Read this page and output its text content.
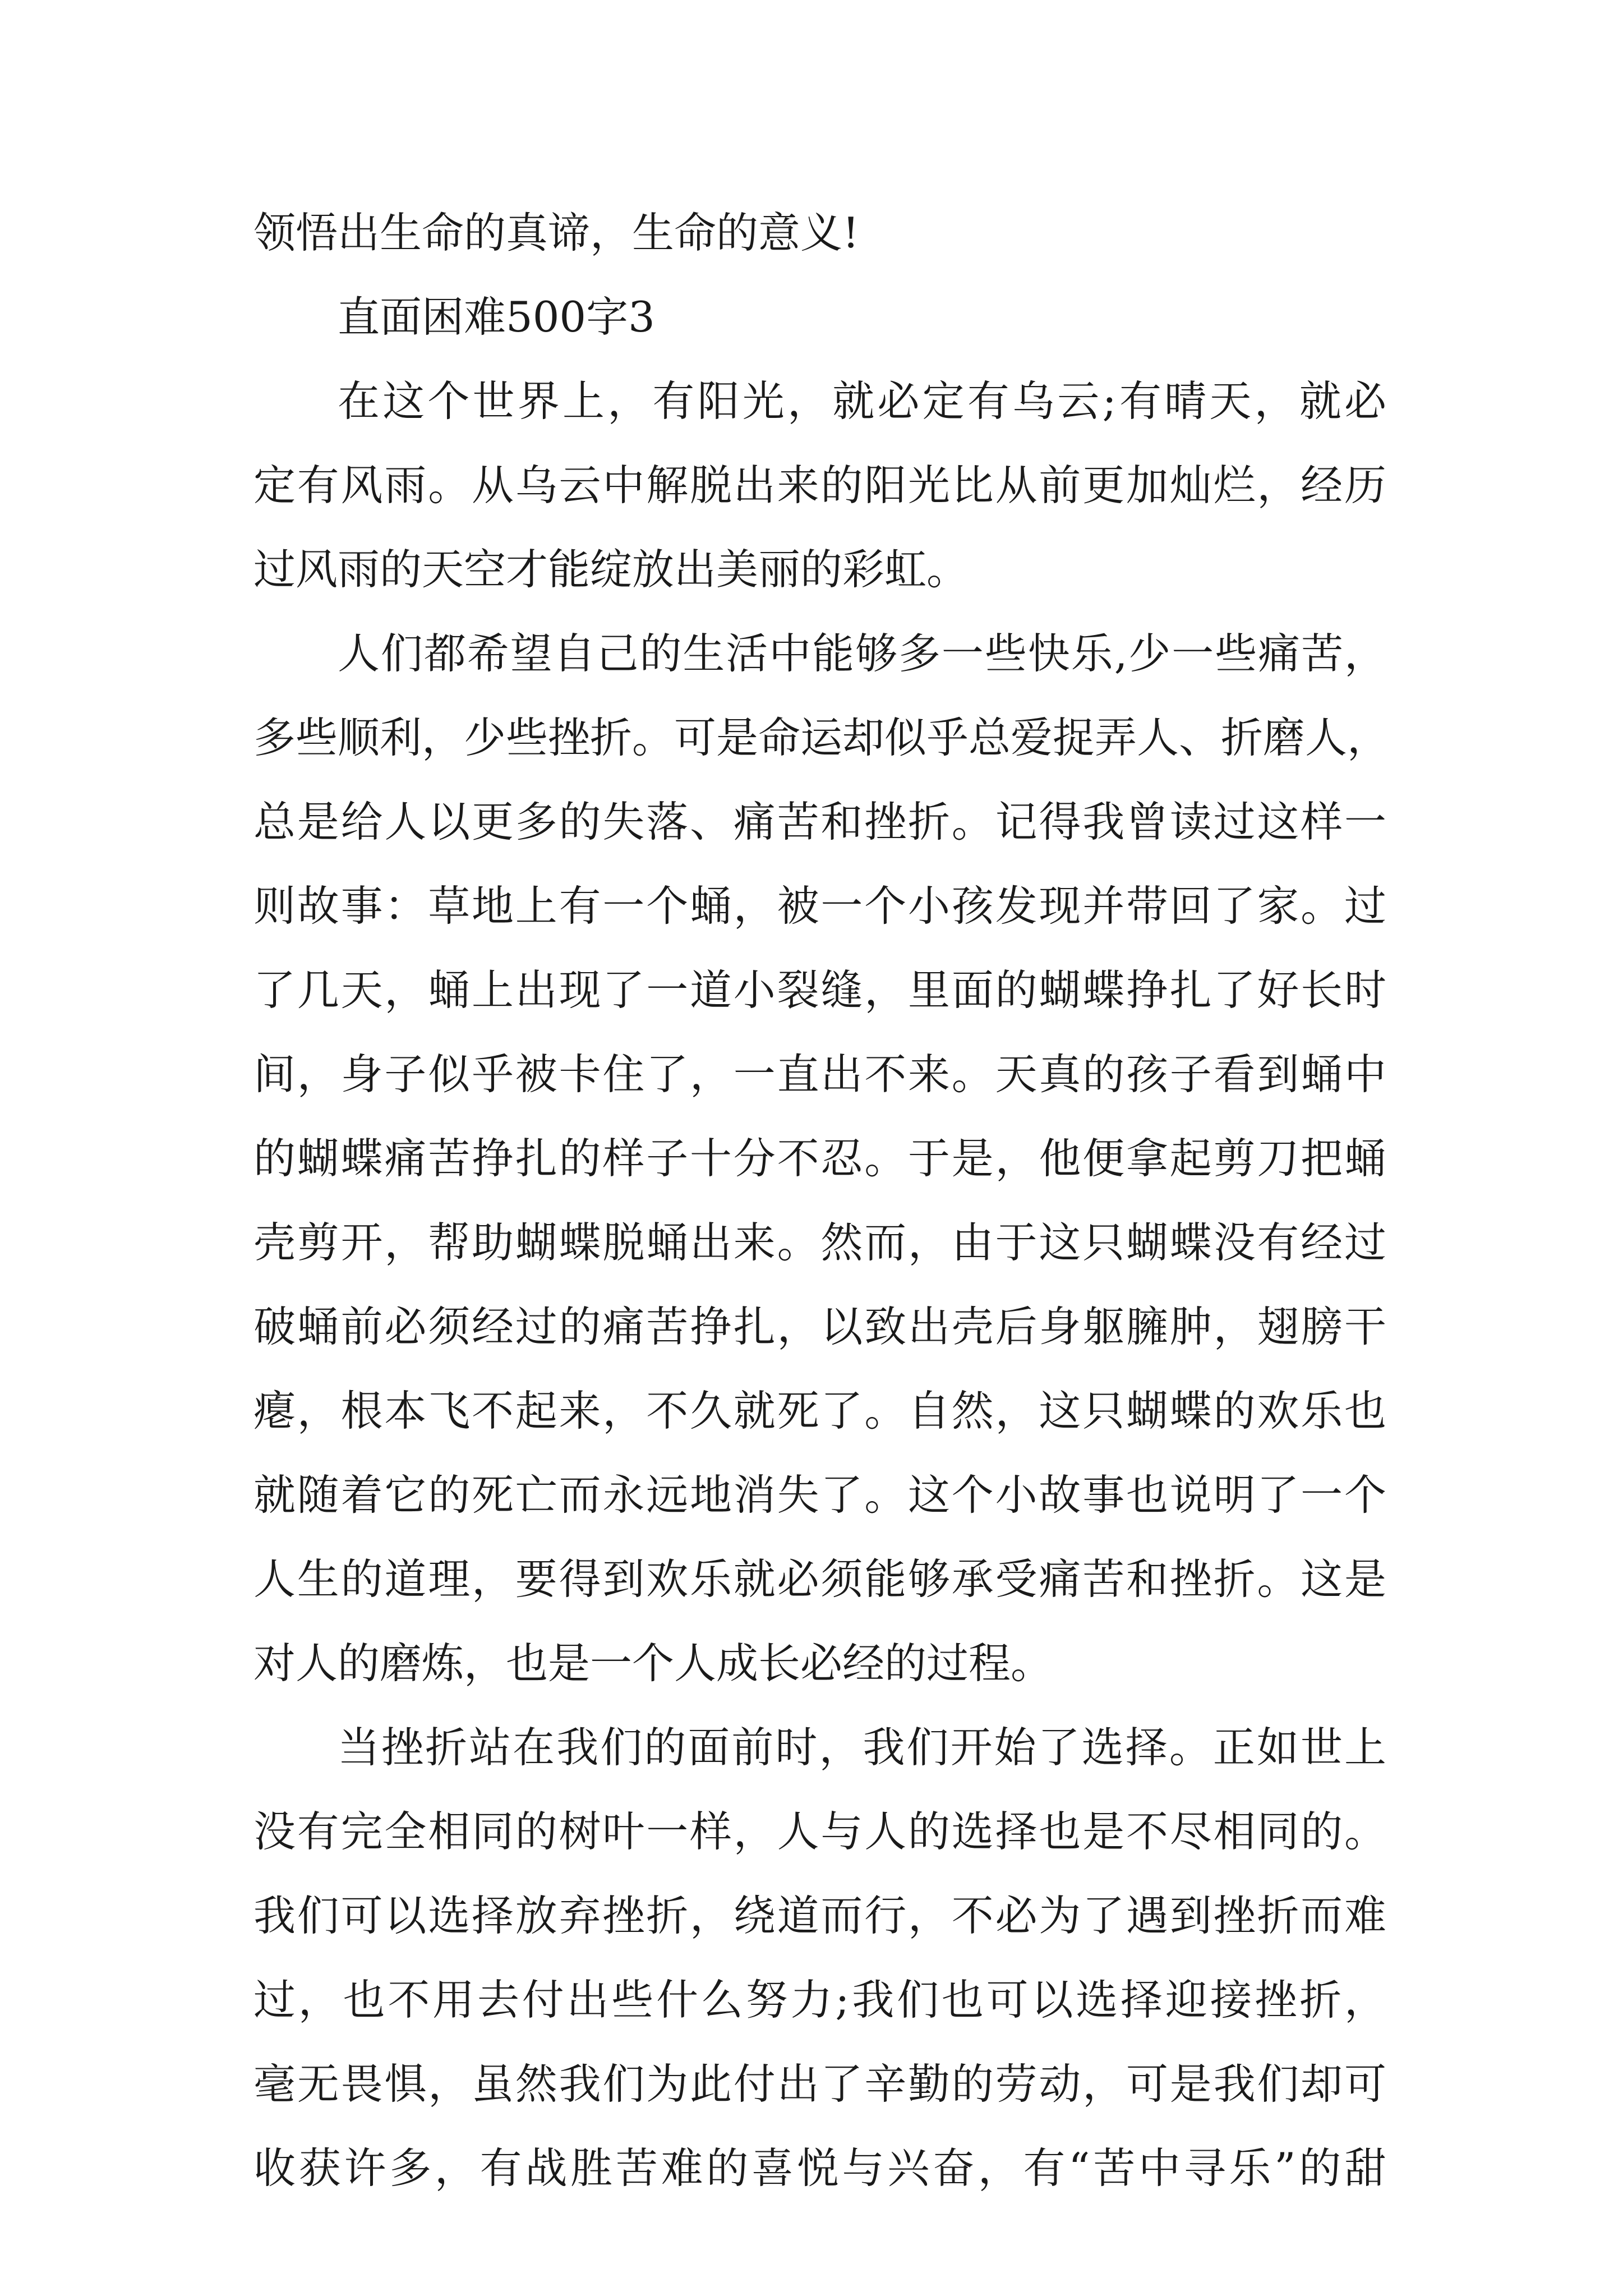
领悟出生命的真谛，生命的意义!
直面困难500字3
在这个世界上，有阳光，就必定有乌云;有晴天，就必
定有风雨。从乌云中解脱出来的阳光比从前更加灿烂，经历
过风雨的天空才能绽放出美丽的彩虹。
人们都希望自己的生活中能够多一些快乐,少一些痛苦，
多些顺利，少些挫折。可是命运却似乎总爱捉弄人、折磨人，
总是给人以更多的失落、痛苦和挫折。记得我曾读过这样一
则故事：草地上有一个蛹，被一个小孩发现并带回了家。过
了几天，蛹上出现了一道小裂缝，里面的蝴蝶挣扎了好长时
间，身子似乎被卡住了，一直出不来。天真的孩子看到蛹中
的蝴蝶痛苦挣扎的样子十分不忍。于是，他便拿起剪刀把蛹
壳剪开，帮助蝴蝶脱蛹出来。然而，由于这只蝴蝶没有经过
破蛹前必须经过的痛苦挣扎，以致出壳后身躯臃肿，翅膀干
瘪，根本飞不起来，不久就死了。自然，这只蝴蝶的欢乐也
就随着它的死亡而永远地消失了。这个小故事也说明了一个
人生的道理，要得到欢乐就必须能够承受痛苦和挫折。这是
对人的磨炼，也是一个人成长必经的过程。
当挫折站在我们的面前时，我们开始了选择。正如世上
没有完全相同的树叶一样，人与人的选择也是不尽相同的。
我们可以选择放弃挫折，绕道而行，不必为了遇到挫折而难
过，也不用去付出些什么努力;我们也可以选择迎接挫折，
毫无畏惧，虽然我们为此付出了辛勤的劳动，可是我们却可
收获许多，有战胜苦难的喜悦与兴奋，有“苦中寻乐”的甜
